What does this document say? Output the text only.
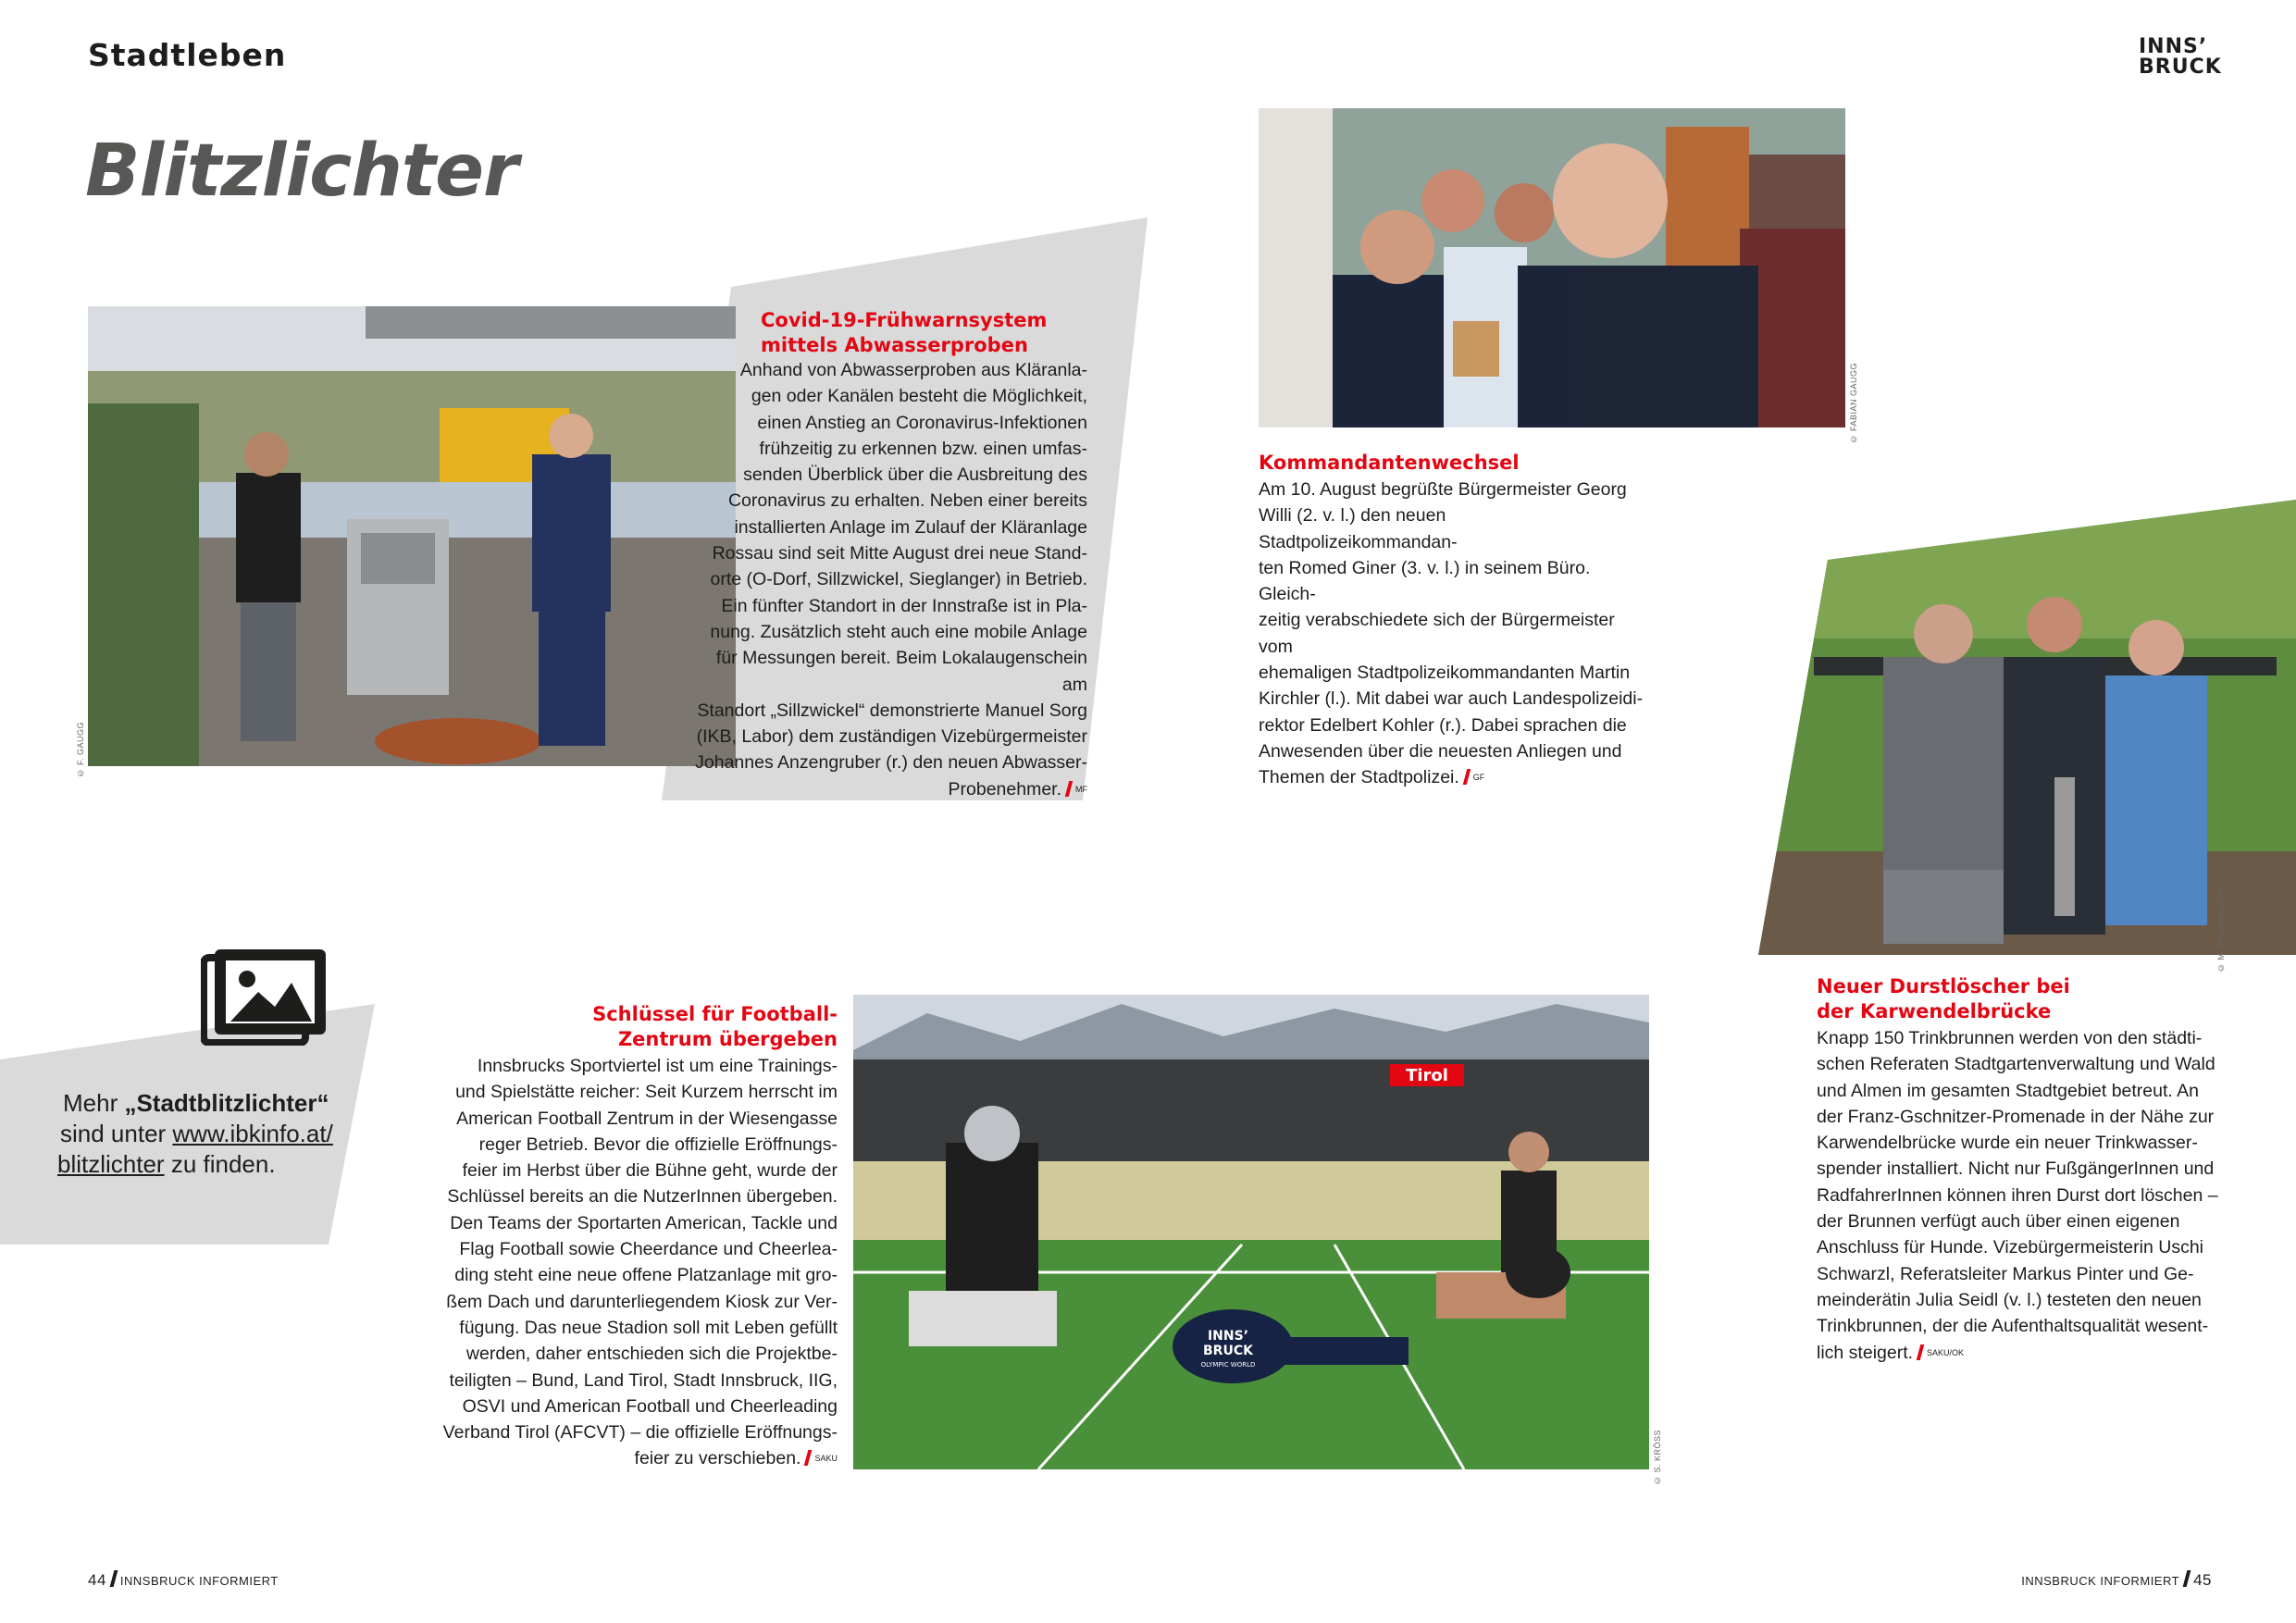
Stadtleben
Blitzlichter
INNS’
BRUCK
© F. GAUGG
Covid-19-Frühwarnsystem
mittels Abwasserproben
Anhand von Abwasserproben aus Kläranla-
gen oder Kanälen besteht die Möglichkeit,
einen Anstieg an Coronavirus-Infektionen
frühzeitig zu erkennen bzw. einen umfas-
senden Überblick über die Ausbreitung des
Coronavirus zu erhalten. Neben einer bereits
installierten Anlage im Zulauf der Kläranlage
Rossau sind seit Mitte August drei neue Stand-
orte (O-Dorf, Sillzwickel, Sieglanger) in Betrieb.
Ein fünfter Standort in der Innstraße ist in Pla-
nung. Zusätzlich steht auch eine mobile Anlage
für Messungen bereit. Beim Lokalaugenschein am
Standort „Sillzwickel“ demonstrierte Manuel Sorg
(IKB, Labor) dem zuständigen Vizebürgermeister
Johannes Anzengruber (r.) den neuen Abwasser-
Probenehmer. $^{MF}$
© FABIAN GAUGG
Kommandantenwechsel
Am 10. August begrüßte Bürgermeister Georg
Willi (2. v. l.) den neuen Stadtpolizeikommandan-
ten Romed Giner (3. v. l.) in seinem Büro. Gleich-
zeitig verabschiedete sich der Bürgermeister vom
ehemaligen Stadtpolizeikommandanten Martin
Kirchler (l.). Mit dabei war auch Landespolizeidi-
rektor Edelbert Kohler (r.). Dabei sprachen die
Anwesenden über die neuesten Anliegen und
Themen der Stadtpolizei. $^{GF}$
© M. FREINHOFER
Neuer Durstlöscher bei
der Karwendelbrücke
Knapp 150 Trinkbrunnen werden von den städti-
schen Referaten Stadtgartenverwaltung und Wald
und Almen im gesamten Stadtgebiet betreut. An
der Franz-Gschnitzer-Promenade in der Nähe zur
Karwendelbrücke wurde ein neuer Trinkwasser-
spender installiert. Nicht nur FußgängerInnen und
RadfahrerInnen können ihren Durst dort löschen –
der Brunnen verfügt auch über einen eigenen
Anschluss für Hunde. Vizebürgermeisterin Uschi
Schwarzl, Referatsleiter Markus Pinter und Ge-
meinderätin Julia Seidl (v. l.) testeten den neuen
Trinkbrunnen, der die Aufenthaltsqualität wesent-
lich steigert. $^{SAKU/OK}$
Schlüssel für Football-
Zentrum übergeben
Innsbrucks Sportviertel ist um eine Trainings-
und Spielstätte reicher: Seit Kurzem herrscht im
American Football Zentrum in der Wiesengasse
reger Betrieb. Bevor die offizielle Eröffnungs-
feier im Herbst über die Bühne geht, wurde der
Schlüssel bereits an die NutzerInnen übergeben.
Den Teams der Sportarten American, Tackle und
Flag Football sowie Cheerdance und Cheerlea-
ding steht eine neue offene Platzanlage mit gro-
ßem Dach und darunterliegendem Kiosk zur Ver-
fügung. Das neue Stadion soll mit Leben gefüllt
werden, daher entschieden sich die Projektbe-
teiligten – Bund, Land Tirol, Stadt Innsbruck, IIG,
OSVI und American Football und Cheerleading
Verband Tirol (AFCVT) – die offizielle Eröffnungs-
feier zu verschieben. $^{SAKU}$
Tirol
INNS’
BRUCK
OLYMPIC WORLD
© S. KRÖSS
Mehr „Stadtblitzlichter“
sind unter www.ibkinfo.at/
blitzlichter zu finden.
44 INNSBRUCK INFORMIERT	INNSBRUCK INFORMIERT 45
